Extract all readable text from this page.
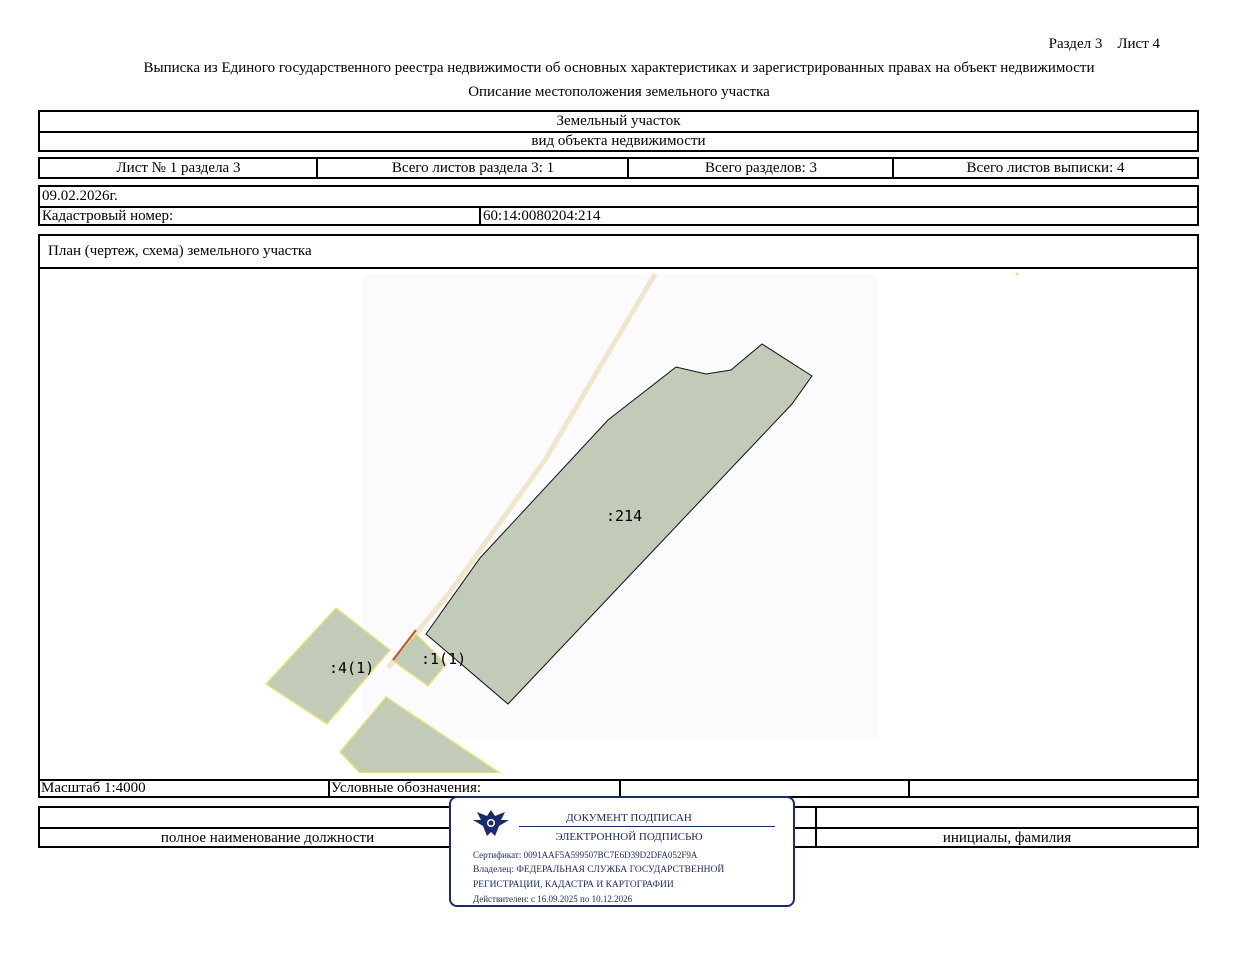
Раздел 3    Лист 4
Выписка из Единого государственного реестра недвижимости об основных характеристиках и зарегистрированных правах на объект недвижимости
Описание местоположения земельного участка
Земельный участок
вид объекта недвижимости
Лист № 1 раздела 3	Всего листов раздела 3: 1	Всего разделов: 3	Всего листов выписки: 4
09.02.2026г.
Кадастровый номер:	60:14:0080204:214
План (чертеж, схема) земельного участка
:214
:4(1)	:1(1)
Масштаб 1:4000	Условные обозначения:
полное наименование должности	инициалы, фамилия
ДОКУМЕНТ ПОДПИСАН
ЭЛЕКТРОННОЙ ПОДПИСЬЮ
Сертификат: 0091AAF5A599507BC7E6D39D2DFA052F9A
Владелец: ФЕДЕРАЛЬНАЯ СЛУЖБА ГОСУДАРСТВЕННОЙ
РЕГИСТРАЦИИ, КАДАСТРА И КАРТОГРАФИИ
Действителен: с 16.09.2025 по 10.12.2026
